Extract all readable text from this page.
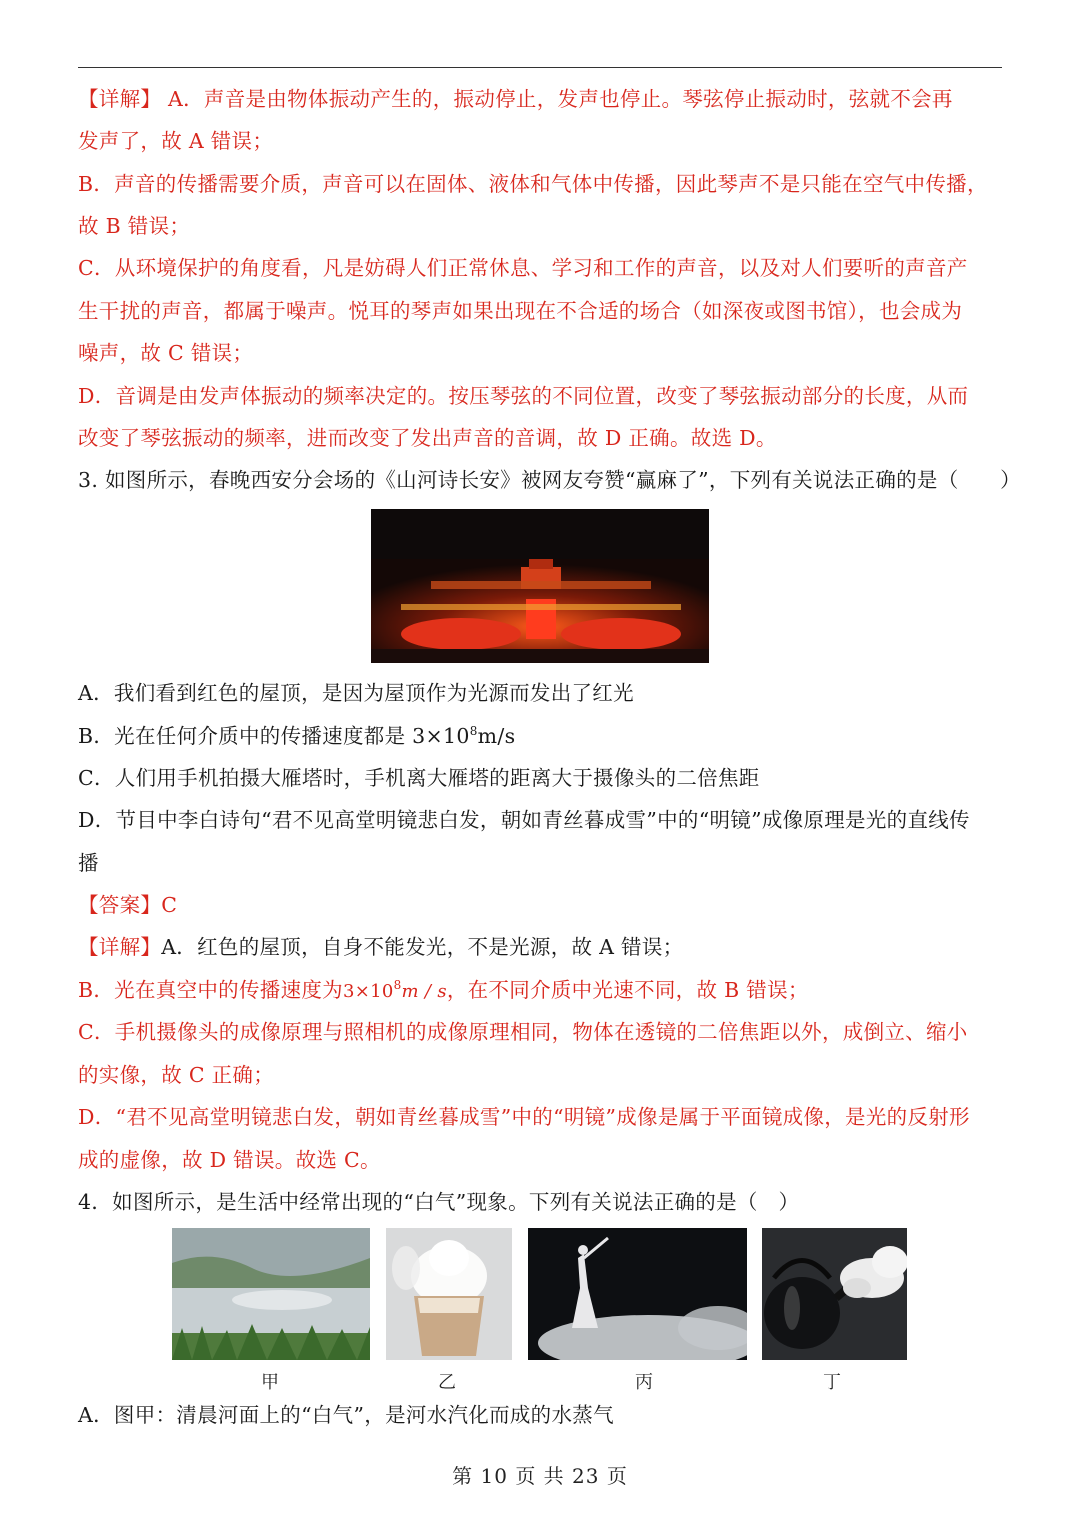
【详解】 A．声音是由物体振动产生的，振动停止，发声也停止。琴弦停止振动时，弦就不会再
发声了，故 A 错误；
B．声音的传播需要介质，声音可以在固体、液体和气体中传播，因此琴声不是只能在空气中传播，
故 B 错误；
C．从环境保护的角度看，凡是妨碍人们正常休息、学习和工作的声音，以及对人们要听的声音产
生干扰的声音，都属于噪声。悦耳的琴声如果出现在不合适的场合（如深夜或图书馆），也会成为
噪声，故 C 错误；
D．音调是由发声体振动的频率决定的。按压琴弦的不同位置，改变了琴弦振动部分的长度，从而
改变了琴弦振动的频率，进而改变了发出声音的音调，故 D 正确。故选 D。
3. 如图所示，春晚西安分会场的《山河诗长安》被网友夸赞“赢麻了”，下列有关说法正确的是（　　）
A．我们看到红色的屋顶，是因为屋顶作为光源而发出了红光
B．光在任何介质中的传播速度都是 $3\times 10^8m/s$
C．人们用手机拍摄大雁塔时，手机离大雁塔的距离大于摄像头的二倍焦距
D．节目中李白诗句“君不见高堂明镜悲白发，朝如青丝暮成雪”中的“明镜”成像原理是光的直线传
播
【答案】C
【详解】A．红色的屋顶，自身不能发光，不是光源，故 A 错误；
B．光在真空中的传播速度为$3\times 10^8m / s$，在不同介质中光速不同，故 B 错误；
C．手机摄像头的成像原理与照相机的成像原理相同，物体在透镜的二倍焦距以外，成倒立、缩小
的实像，故 C 正确；
D．“君不见高堂明镜悲白发，朝如青丝暮成雪”中的“明镜”成像是属于平面镜成像，是光的反射形
成的虚像，故 D 错误。故选 C。
4．如图所示，是生活中经常出现的“白气”现象。下列有关说法正确的是（　）
甲	乙	丙	丁
A．图甲：清晨河面上的“白气”，是河水汽化而成的水蒸气
第 10 页 共 23 页
